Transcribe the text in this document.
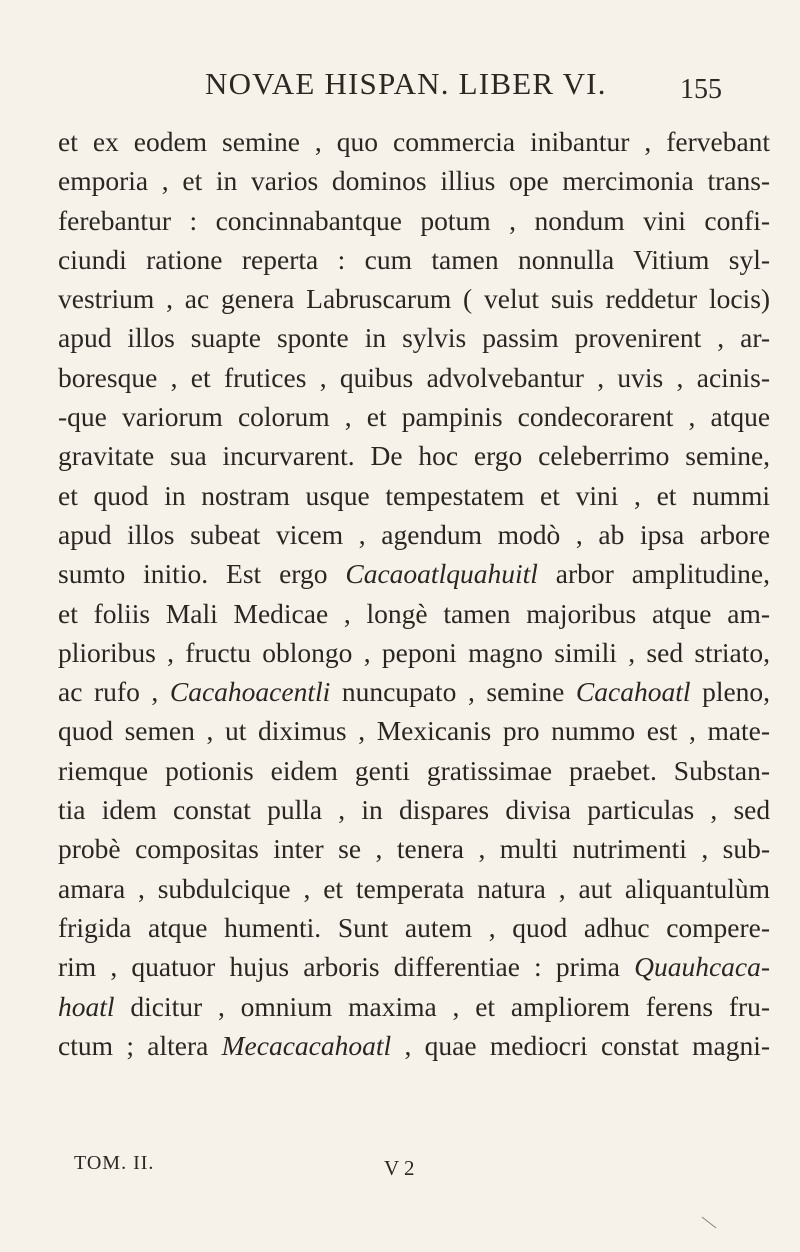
NOVAE HISPAN. LIBER VI.	155
et ex eodem semine , quo commercia inibantur , fervebant
emporia , et in varios dominos illius ope mercimonia trans-
ferebantur : concinnabantque potum , nondum vini confi-
ciundi ratione reperta : cum tamen nonnulla Vitium syl-
vestrium , ac genera Labruscarum ( velut suis reddetur locis)
apud illos suapte sponte in sylvis passim provenirent , ar-
boresque , et frutices , quibus advolvebantur , uvis , acinis-
-que variorum colorum , et pampinis condecorarent , atque
gravitate sua incurvarent. De hoc ergo celeberrimo semine,
et quod in nostram usque tempestatem et vini , et nummi
apud illos subeat vicem , agendum modò , ab ipsa arbore
sumto initio. Est ergo Cacaoatlquahuitl arbor amplitudine,
et foliis Mali Medicae , longè tamen majoribus atque am-
plioribus , fructu oblongo , peponi magno simili , sed striato,
ac rufo , Cacahoacentli nuncupato , semine Cacahoatl pleno,
quod semen , ut diximus , Mexicanis pro nummo est , mate-
riemque potionis eidem genti gratissimae praebet. Substan-
tia idem constat pulla , in dispares divisa particulas , sed
probè compositas inter se , tenera , multi nutrimenti , sub-
amara , subdulcique , et temperata natura , aut aliquantulùm
frigida atque humenti. Sunt autem , quod adhuc compere-
rim , quatuor hujus arboris differentiae : prima Quauhcaca-
hoatl dicitur , omnium maxima , et ampliorem ferens fru-
ctum ; altera Mecacacahoatl , quae mediocri constat magni-
TOM. II.	V 2
